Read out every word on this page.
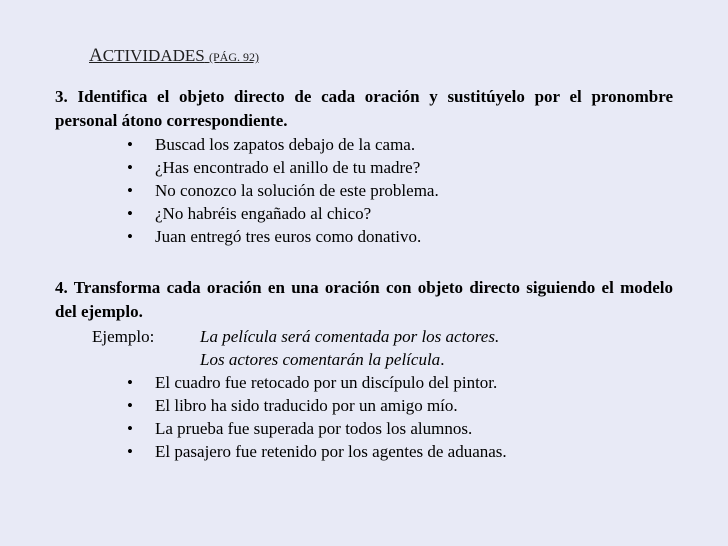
ACTIVIDADES (PÁG. 92)
3. Identifica el objeto directo de cada oración y sustitúyelo por el pronombre personal átono correspondiente.
•	Buscad los zapatos debajo de la cama.
•	¿Has encontrado el anillo de tu madre?
•	No conozco la solución de este problema.
•	¿No habréis engañado al chico?
•	Juan entregó tres euros como donativo.
4. Transforma cada oración en una oración con objeto directo siguiendo el modelo del ejemplo.
Ejemplo:	La película será comentada por los actores.
Los actores comentarán la película.
•	El cuadro fue retocado por un discípulo del pintor.
•	El libro ha sido traducido por un amigo mío.
•	La prueba fue superada por todos los alumnos.
•	El pasajero fue retenido por los agentes de aduanas.
